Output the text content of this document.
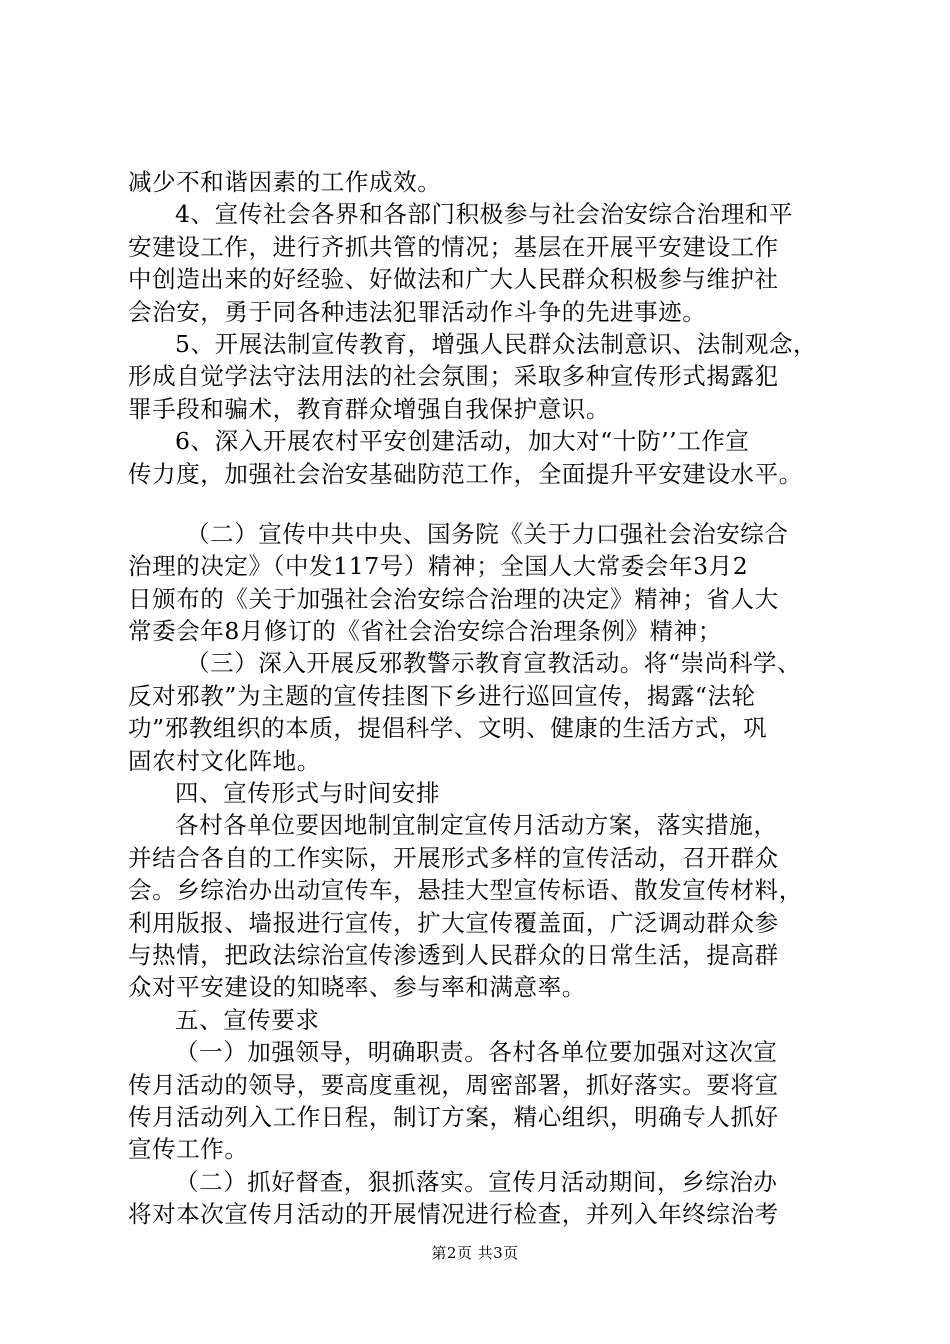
减少不和谐因素的工作成效。
4、宣传社会各界和各部门积极参与社会治安综合治理和平
安建设工作，进行齐抓共管的情况；基层在开展平安建设工作
中创造出来的好经验、好做法和广大人民群众积极参与维护社
会治安，勇于同各种违法犯罪活动作斗争的先进事迹。
5、开展法制宣传教育，增强人民群众法制意识、法制观念，
形成自觉学法守法用法的社会氛围；采取多种宣传形式揭露犯
罪手段和骗术，教育群众增强自我保护意识。
6、深入开展农村平安创建活动，加大对“十防’’工作宣
传力度，加强社会治安基础防范工作，全面提升平安建设水平。
（二）宣传中共中央、国务院《关于力口强社会治安综合
治理的决定》（中发117号）精神；全国人大常委会年3月2
日颁布的《关于加强社会治安综合治理的决定》精神；省人大
常委会年8月修订的《省社会治安综合治理条例》精神；
（三）深入开展反邪教警示教育宣教活动。将“崇尚科学、
反对邪教”为主题的宣传挂图下乡进行巡回宣传，揭露“法轮
功”邪教组织的本质，提倡科学、文明、健康的生活方式，巩
固农村文化阵地。
四、宣传形式与时间安排
各村各单位要因地制宜制定宣传月活动方案，落实措施，
并结合各自的工作实际，开展形式多样的宣传活动，召开群众
会。乡综治办出动宣传车，悬挂大型宣传标语、散发宣传材料，
利用版报、墙报进行宣传，扩大宣传覆盖面，广泛调动群众参
与热情，把政法综治宣传渗透到人民群众的日常生活，提高群
众对平安建设的知晓率、参与率和满意率。
五、宣传要求
（一）加强领导，明确职责。各村各单位要加强对这次宣
传月活动的领导，要高度重视，周密部署，抓好落实。要将宣
传月活动列入工作日程，制订方案，精心组织，明确专人抓好
宣传工作。
（二）抓好督查，狠抓落实。宣传月活动期间，乡综治办
将对本次宣传月活动的开展情况进行检查，并列入年终综治考
第2页 共3页
